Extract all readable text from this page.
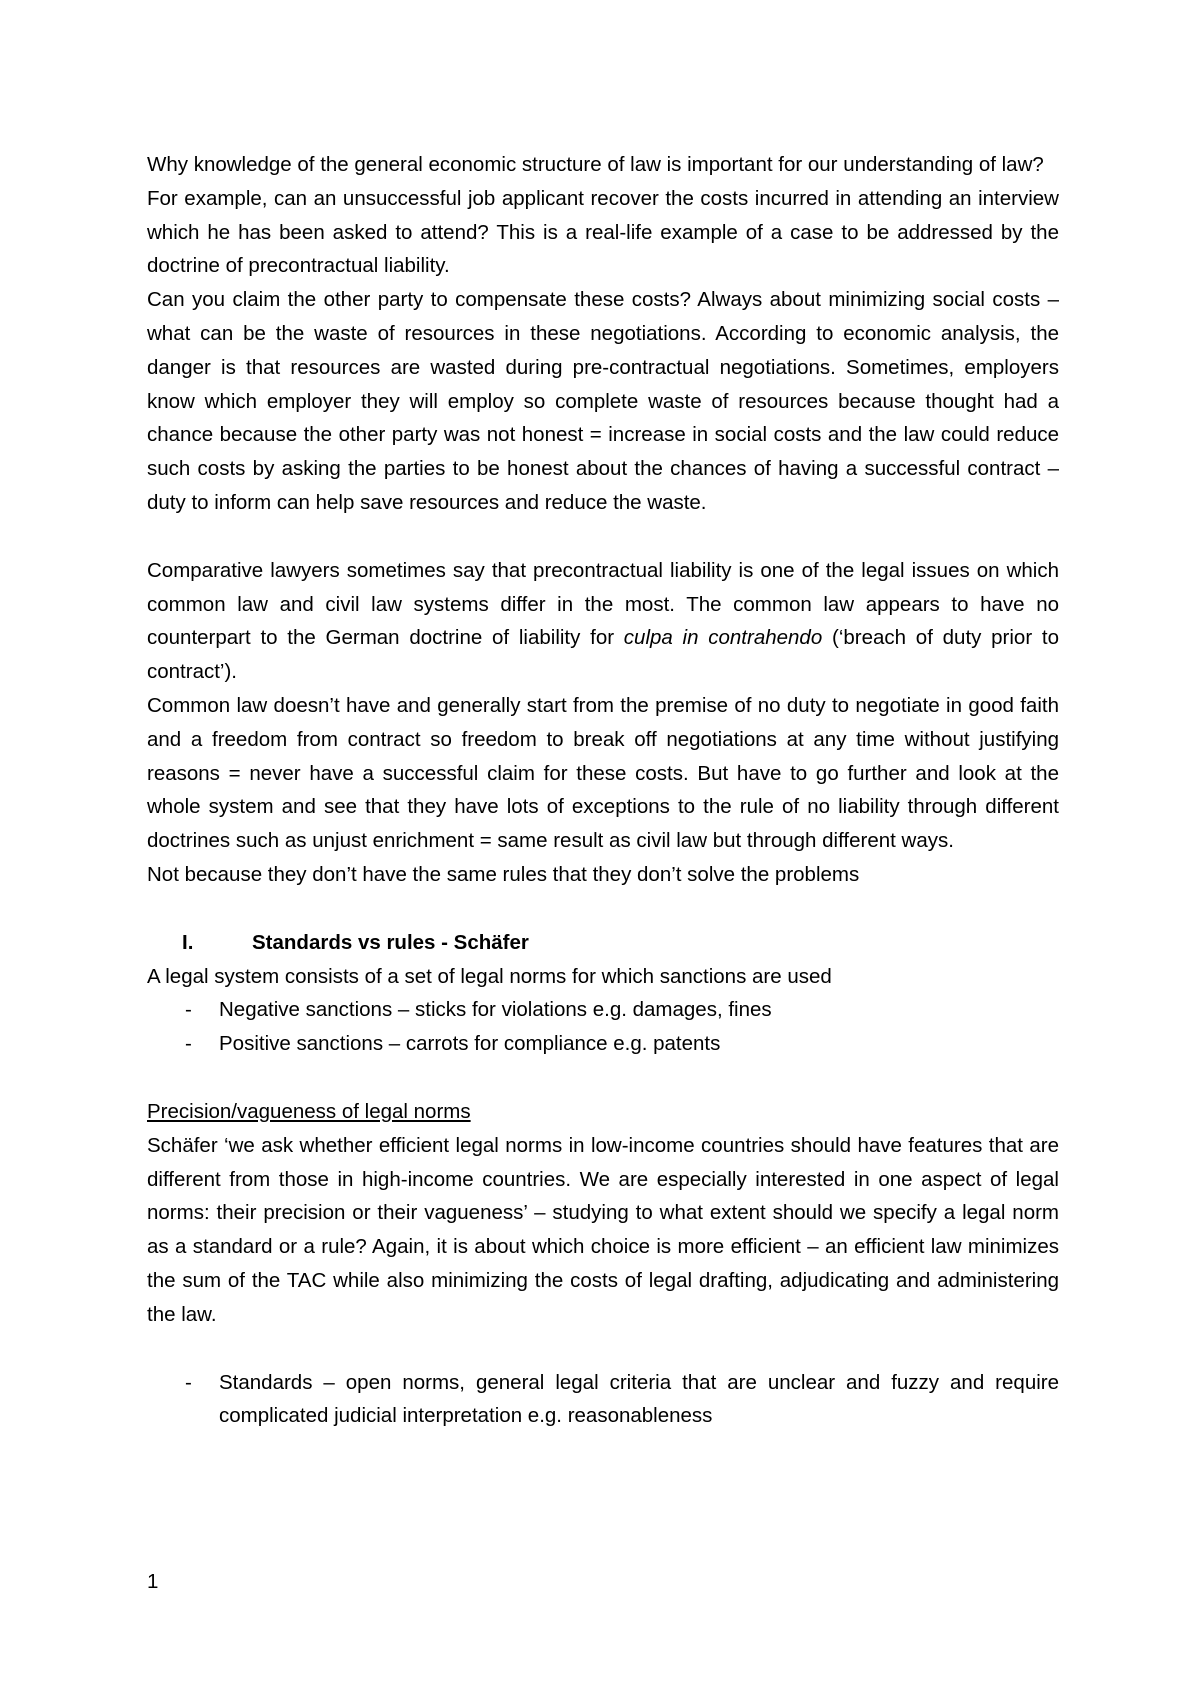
Why knowledge of the general economic structure of law is important for our understanding of law?

For example, can an unsuccessful job applicant recover the costs incurred in attending an interview which he has been asked to attend? This is a real-life example of a case to be addressed by the doctrine of precontractual liability.

Can you claim the other party to compensate these costs? Always about minimizing social costs – what can be the waste of resources in these negotiations. According to economic analysis, the danger is that resources are wasted during pre-contractual negotiations. Sometimes, employers know which employer they will employ so complete waste of resources because thought had a chance because the other party was not honest = increase in social costs and the law could reduce such costs by asking the parties to be honest about the chances of having a successful contract – duty to inform can help save resources and reduce the waste.

Comparative lawyers sometimes say that precontractual liability is one of the legal issues on which common law and civil law systems differ in the most. The common law appears to have no counterpart to the German doctrine of liability for culpa in contrahendo (‘breach of duty prior to contract’).

Common law doesn’t have and generally start from the premise of no duty to negotiate in good faith and a freedom from contract so freedom to break off negotiations at any time without justifying reasons = never have a successful claim for these costs. But have to go further and look at the whole system and see that they have lots of exceptions to the rule of no liability through different doctrines such as unjust enrichment = same result as civil law but through different ways.

Not because they don’t have the same rules that they don’t solve the problems

I.	Standards vs rules - Schäfer

A legal system consists of a set of legal norms for which sanctions are used

-	Negative sanctions – sticks for violations e.g. damages, fines
-	Positive sanctions – carrots for compliance e.g. patents

Precision/vagueness of legal norms

Schäfer ‘we ask whether efficient legal norms in low-income countries should have features that are different from those in high-income countries. We are especially interested in one aspect of legal norms: their precision or their vagueness’ – studying to what extent should we specify a legal norm as a standard or a rule? Again, it is about which choice is more efficient – an efficient law minimizes the sum of the TAC while also minimizing the costs of legal drafting, adjudicating and administering the law.

-	Standards – open norms, general legal criteria that are unclear and fuzzy and require complicated judicial interpretation e.g. reasonableness
1
